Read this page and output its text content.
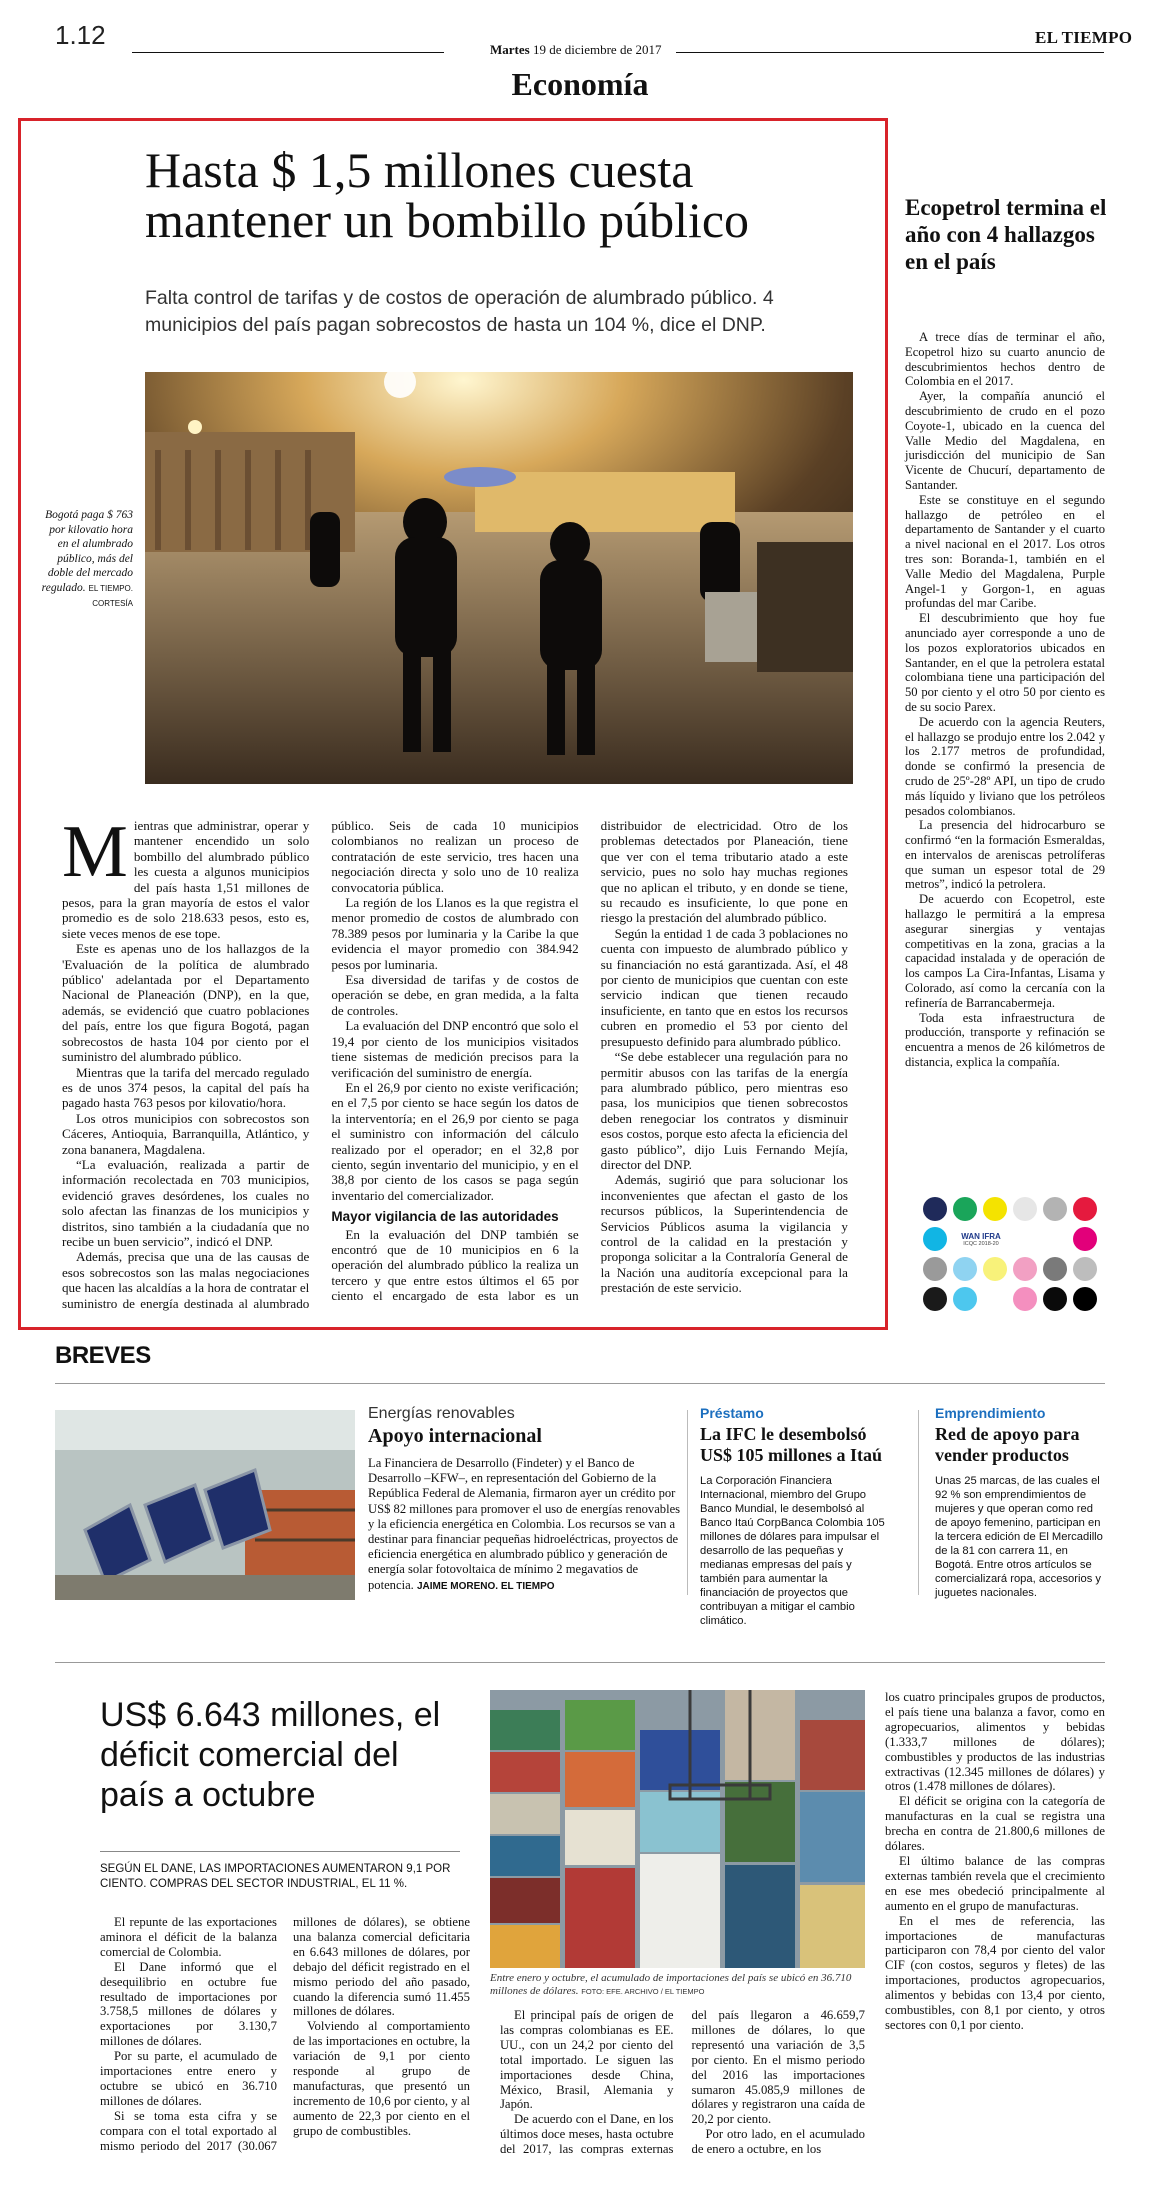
1.12	Martes 19 de diciembre de 2017
EL TIEMPO
Economía
Hasta $ 1,5 millones cuesta mantener un bombillo público

Falta control de tarifas y de costos de operación de alumbrado público. 4 municipios del país pagan sobrecostos de hasta un 104 %, dice el DNP.

Bogotá paga $ 763 por kilovatio hora en el alumbrado público, más del doble del mercado regulado. EL TIEMPO. CORTESÍA
M ientras que administrar, operar y mantener encendido un solo bombillo del alumbrado público les cuesta a algunos municipios del país hasta 1,51 millones de pesos, para la gran mayoría de estos el valor promedio es de solo 218.633 pesos, esto es, siete veces menos de ese tope.

Este es apenas uno de los hallazgos de la 'Evaluación de la política de alumbrado público' adelantada por el Departamento Nacional de Planeación (DNP), en la que, además, se evidenció que cuatro poblaciones del país, entre los que figura Bogotá, pagan sobrecostos de hasta 104 por ciento por el suministro del alumbrado público.

Mientras que la tarifa del mercado regulado es de unos 374 pesos, la capital del país ha pagado hasta 763 pesos por kilovatio/hora.

Los otros municipios con sobrecostos son Cáceres, Antioquia, Barranquilla, Atlántico, y zona bananera, Magdalena.

“La evaluación, realizada a partir de información recolectada en 703 municipios, evidenció graves desórdenes, los cuales no solo afectan las finanzas de los municipios y distritos, sino también a la ciudadanía que no recibe un buen servicio”, indicó el DNP.

Además, precisa que una de las causas de esos sobrecostos son las malas negociaciones que hacen las alcaldías a la hora de contratar el suministro de energía destinada al alumbrado público. Seis de cada 10 municipios colombianos no realizan un proceso de contratación de este servicio, tres hacen una negociación directa y solo uno de 10 realiza convocatoria pública.

La región de los Llanos es la que registra el menor promedio de costos de alumbrado con 78.389 pesos por luminaria y la Caribe la que evidencia el mayor promedio con 384.942 pesos por luminaria.

Esa diversidad de tarifas y de costos de operación se debe, en gran medida, a la falta de controles.

La evaluación del DNP encontró que solo el 19,4 por ciento de los municipios visitados tiene sistemas de medición precisos para la verificación del suministro de energía.

En el 26,9 por ciento no existe verificación; en el 7,5 por ciento se hace según los datos de la interventoría; en el 26,9 por ciento se paga el suministro con información del cálculo realizado por el operador; en el 32,8 por ciento, según inventario del municipio, y en el 38,8 por ciento de los casos se paga según inventario del comercializador.

Mayor vigilancia de las autoridades

En la evaluación del DNP también se encontró que de 10 municipios en 6 la operación del alumbrado público la realiza un tercero y que entre estos últimos el 65 por ciento el encargado de esta labor es un distribuidor de electricidad. Otro de los problemas detectados por Planeación, tiene que ver con el tema tributario atado a este servicio, pues no solo hay muchas regiones que no aplican el tributo, y en donde se tiene, su recaudo es insuficiente, lo que pone en riesgo la prestación del alumbrado público.

Según la entidad 1 de cada 3 poblaciones no cuenta con impuesto de alumbrado público y su financiación no está garantizada. Así, el 48 por ciento de municipios que cuentan con este servicio indican que tienen recaudo insuficiente, en tanto que en estos los recursos cubren en promedio el 53 por ciento del presupuesto definido para alumbrado público.

“Se debe establecer una regulación para no permitir abusos con las tarifas de la energía para alumbrado público, pero mientras eso pasa, los municipios que tienen sobrecostos deben renegociar los contratos y disminuir esos costos, porque esto afecta la eficiencia del gasto público”, dijo Luis Fernando Mejía, director del DNP.

Además, sugirió que para solucionar los inconvenientes que afectan el gasto de los recursos públicos, la Superintendencia de Servicios Públicos asuma la vigilancia y control de la calidad en la prestación y proponga solicitar a la Contraloría General de la Nación una auditoría excepcional para la prestación de este servicio.

Ecopetrol termina el año con 4 hallazgos en el país

A trece días de terminar el año, Ecopetrol hizo su cuarto anuncio de descubrimientos hechos dentro de Colombia en el 2017.

Ayer, la compañía anunció el descubrimiento de crudo en el pozo Coyote-1, ubicado en la cuenca del Valle Medio del Magdalena, en jurisdicción del municipio de San Vicente de Chucurí, departamento de Santander.

Este se constituye en el segundo hallazgo de petróleo en el departamento de Santander y el cuarto a nivel nacional en el 2017. Los otros tres son: Boranda-1, también en el Valle Medio del Magdalena, Purple Angel-1 y Gorgon-1, en aguas profundas del mar Caribe.

El descubrimiento que hoy fue anunciado ayer corresponde a uno de los pozos exploratorios ubicados en Santander, en el que la petrolera estatal colombiana tiene una participación del 50 por ciento y el otro 50 por ciento es de su socio Parex.

De acuerdo con la agencia Reuters, el hallazgo se produjo entre los 2.042 y los 2.177 metros de profundidad, donde se confirmó la presencia de crudo de 25º-28º API, un tipo de crudo más líquido y liviano que los petróleos pesados colombianos.

La presencia del hidrocarburo se confirmó “en la formación Esmeraldas, en intervalos de areniscas petrolíferas que suman un espesor total de 29 metros”, indicó la petrolera.

De acuerdo con Ecopetrol, este hallazgo le permitirá a la empresa asegurar sinergias y ventajas competitivas en la zona, gracias a la capacidad instalada y de operación de los campos La Cira-Infantas, Lisama y Colorado, así como la cercanía con la refinería de Barrancabermeja.

Toda esta infraestructura de producción, transporte y refinación se encuentra a menos de 26 kilómetros de distancia, explica la compañía.

WAN IFRA
ICQC 2018-20
BREVES
Energías renovables
Apoyo internacional

La Financiera de Desarrollo (Findeter) y el Banco de Desarrollo –KFW–, en representación del Gobierno de la República Federal de Alemania, firmaron ayer un crédito por US$ 82 millones para promover el uso de energías renovables y la eficiencia energética en Colombia. Los recursos se van a destinar para financiar pequeñas hidroeléctricas, proyectos de eficiencia energética en alumbrado público y generación de energía solar fotovoltaica de mínimo 2 megavatios de potencia. JAIME MORENO. EL TIEMPO

Préstamo
La IFC le desembolsó US$ 105 millones a Itaú

La Corporación Financiera Internacional, miembro del Grupo Banco Mundial, le desembolsó al Banco Itaú CorpBanca Colombia 105 millones de dólares para impulsar el desarrollo de las pequeñas y medianas empresas del país y también para aumentar la financiación de proyectos que contribuyan a mitigar el cambio climático.

Emprendimiento
Red de apoyo para vender productos

Unas 25 marcas, de las cuales el 92 % son emprendimientos de mujeres y que operan como red de apoyo femenino, participan en la tercera edición de El Mercadillo de la 81 con carrera 11, en Bogotá. Entre otros artículos se comercializará ropa, accesorios y juguetes nacionales.

US$ 6.643 millones, el déficit comercial del país a octubre

SEGÚN EL DANE, LAS IMPORTACIONES AUMENTARON 9,1 POR CIENTO. COMPRAS DEL SECTOR INDUSTRIAL, EL 11 %.

El repunte de las exportaciones aminora el déficit de la balanza comercial de Colombia.

El Dane informó que el desequilibrio en octubre fue resultado de importaciones por 3.758,5 millones de dólares y exportaciones por 3.130,7 millones de dólares.

Por su parte, el acumulado de importaciones entre enero y octubre se ubicó en 36.710 millones de dólares.

Si se toma esta cifra y se compara con el total exportado al mismo periodo del 2017 (30.067 millones de dólares), se obtiene una balanza comercial deficitaria en 6.643 millones de dólares, por debajo del déficit registrado en el mismo periodo del año pasado, cuando la diferencia sumó 11.455 millones de dólares.

Volviendo al comportamiento de las importaciones en octubre, la variación de 9,1 por ciento responde al grupo de manufacturas, que presentó un incremento de 10,6 por ciento, y al aumento de 22,3 por ciento en el grupo de combustibles.

Entre enero y octubre, el acumulado de importaciones del país se ubicó en 36.710 millones de dólares. FOTO: EFE. ARCHIVO / EL TIEMPO

El principal país de origen de las compras colombianas es EE. UU., con un 24,2 por ciento del total importado. Le siguen las importaciones desde China, México, Brasil, Alemania y Japón.

De acuerdo con el Dane, en los últimos doce meses, hasta octubre del 2017, las compras externas del país llegaron a 46.659,7 millones de dólares, lo que representó una variación de 3,5 por ciento. En el mismo periodo del 2016 las importaciones sumaron 45.085,9 millones de dólares y registraron una caída de 20,2 por ciento.

Por otro lado, en el acumulado de enero a octubre, en los

los cuatro principales grupos de productos, el país tiene una balanza a favor, como en agropecuarios, alimentos y bebidas (1.333,7 millones de dólares); combustibles y productos de las industrias extractivas (12.345 millones de dólares) y otros (1.478 millones de dólares).

El déficit se origina con la categoría de manufacturas en la cual se registra una brecha en contra de 21.800,6 millones de dólares.

El último balance de las compras externas también revela que el crecimiento en ese mes obedeció principalmente al aumento en el grupo de manufacturas.

En el mes de referencia, las importaciones de manufacturas participaron con 78,4 por ciento del valor CIF (con costos, seguros y fletes) de las importaciones, productos agropecuarios, alimentos y bebidas con 13,4 por ciento, combustibles, con 8,1 por ciento, y otros sectores con 0,1 por ciento.
